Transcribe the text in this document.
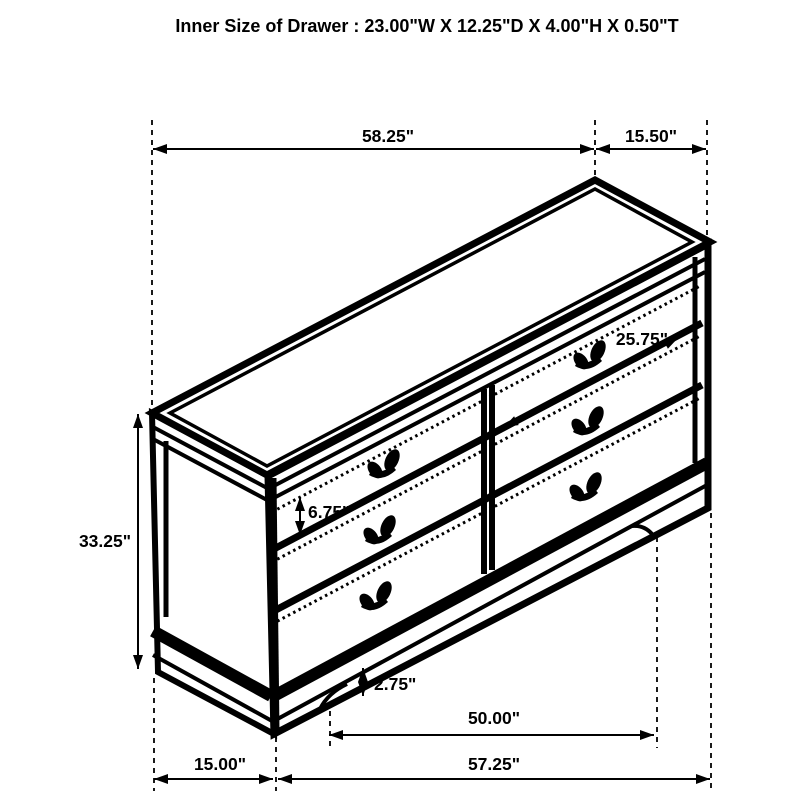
Inner Size of Drawer : 23.00"W X 12.25"D X 4.00"H X 0.50"T
58.25"	15.50"
33.25"
6.75"
25.75"
2.75"
50.00"
15.00"	57.25"
